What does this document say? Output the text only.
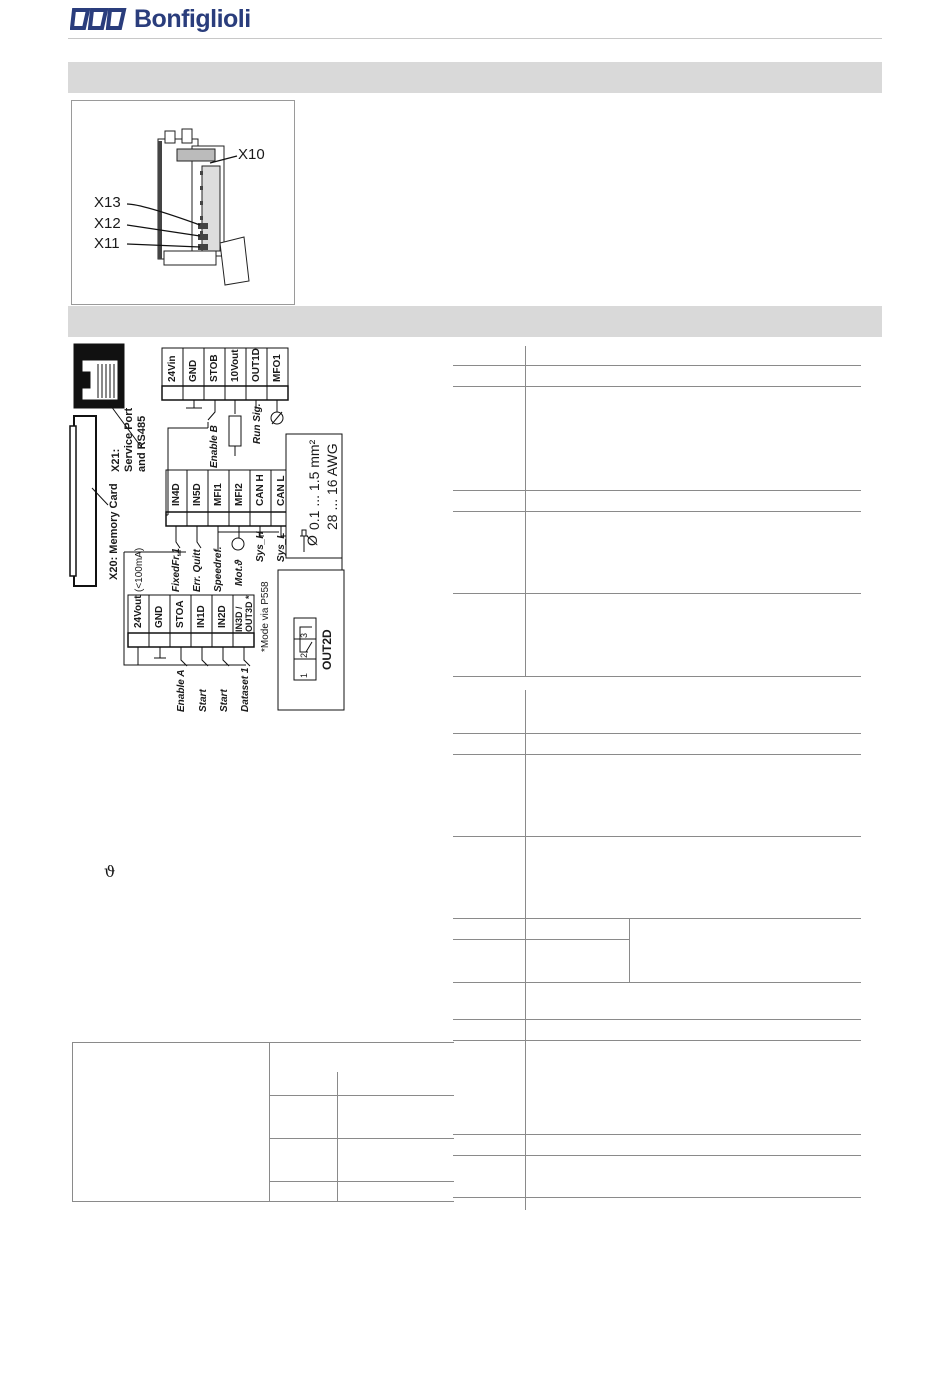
Bonfiglioli
X10
X13
X12
X11
X21: Service Port and RS485
X20: Memory Card
24Vin GND STOB 10Vout OUT1D MFO1
Enable B
Run Sig.
IN4D IN5D MFI1 MFI2 CAN H CAN L
FixedFr.1 Err. Quitt Speedref. Mot.ϑ
Sys_H Sys_L
24Vout GND STOA IN1D IN2D IN3D / OUT3D *
(<100mA)
*Mode via P558
Enable A Start Start Dataset 1
0.1 ... 1.5 mm² 28 ... 16 AWG
Ø
OUT2D
1
2
3
ϑ
